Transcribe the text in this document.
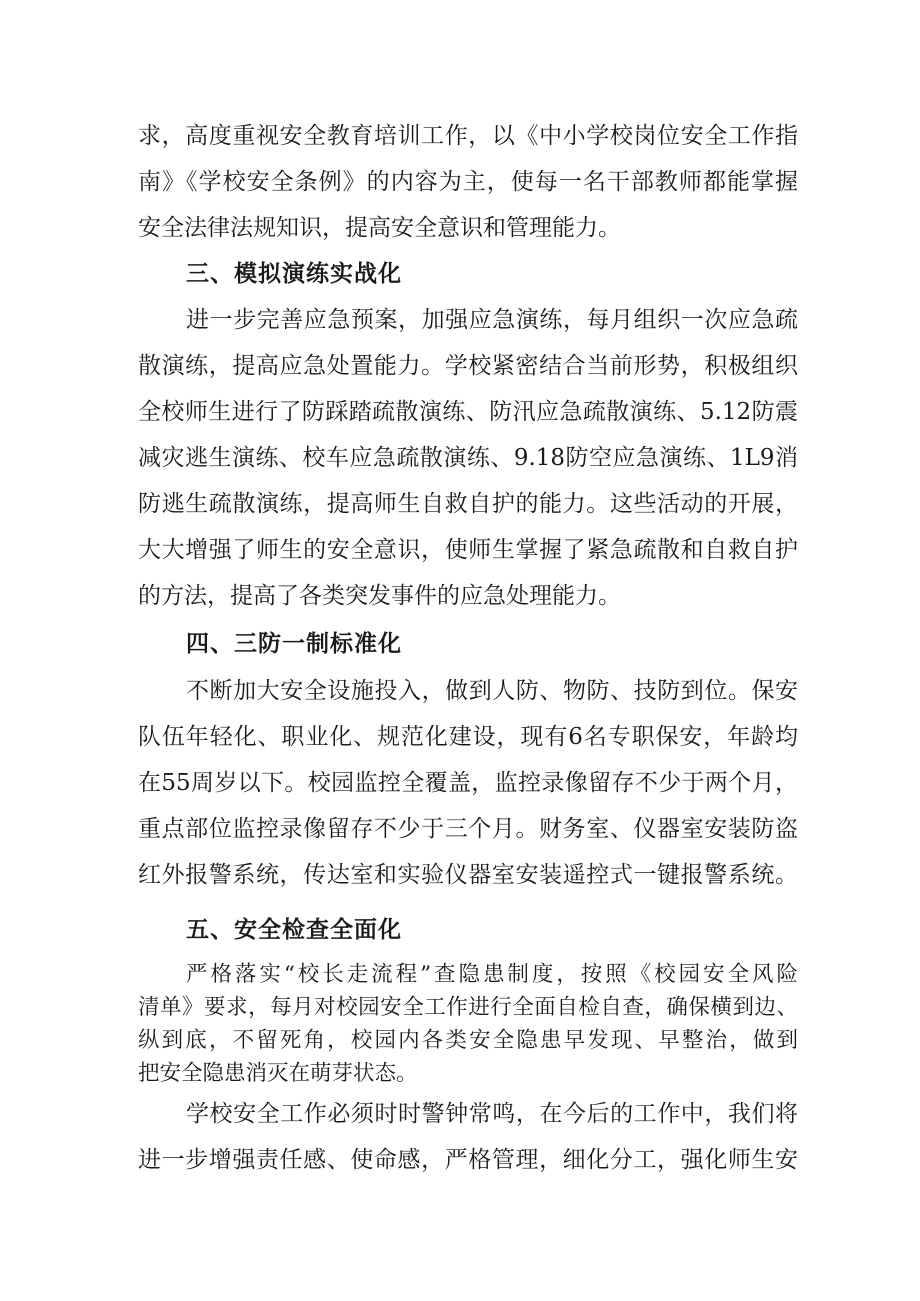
求，高度重视安全教育培训工作，以《中小学校岗位安全工作指
南》《学校安全条例》的内容为主，使每一名干部教师都能掌握
安全法律法规知识，提高安全意识和管理能力。
三、模拟演练实战化
进一步完善应急预案，加强应急演练，每月组织一次应急疏
散演练，提高应急处置能力。学校紧密结合当前形势，积极组织
全校师生进行了防踩踏疏散演练、防汛应急疏散演练、5.12防震
减灾逃生演练、校车应急疏散演练、9.18防空应急演练、1L9消
防逃生疏散演练，提高师生自救自护的能力。这些活动的开展，
大大增强了师生的安全意识，使师生掌握了紧急疏散和自救自护
的方法，提高了各类突发事件的应急处理能力。
四、三防一制标准化
不断加大安全设施投入，做到人防、物防、技防到位。保安
队伍年轻化、职业化、规范化建设，现有6名专职保安，年龄均
在55周岁以下。校园监控全覆盖，监控录像留存不少于两个月，
重点部位监控录像留存不少于三个月。财务室、仪器室安装防盗
红外报警系统，传达室和实验仪器室安装遥控式一键报警系统。
五、安全检查全面化
严格落实“校长走流程”查隐患制度，按照《校园安全风险
清单》要求，每月对校园安全工作进行全面自检自查，确保横到边、
纵到底，不留死角，校园内各类安全隐患早发现、早整治，做到
把安全隐患消灭在萌芽状态。
学校安全工作必须时时警钟常鸣，在今后的工作中，我们将
进一步增强责任感、使命感，严格管理，细化分工，强化师生安
